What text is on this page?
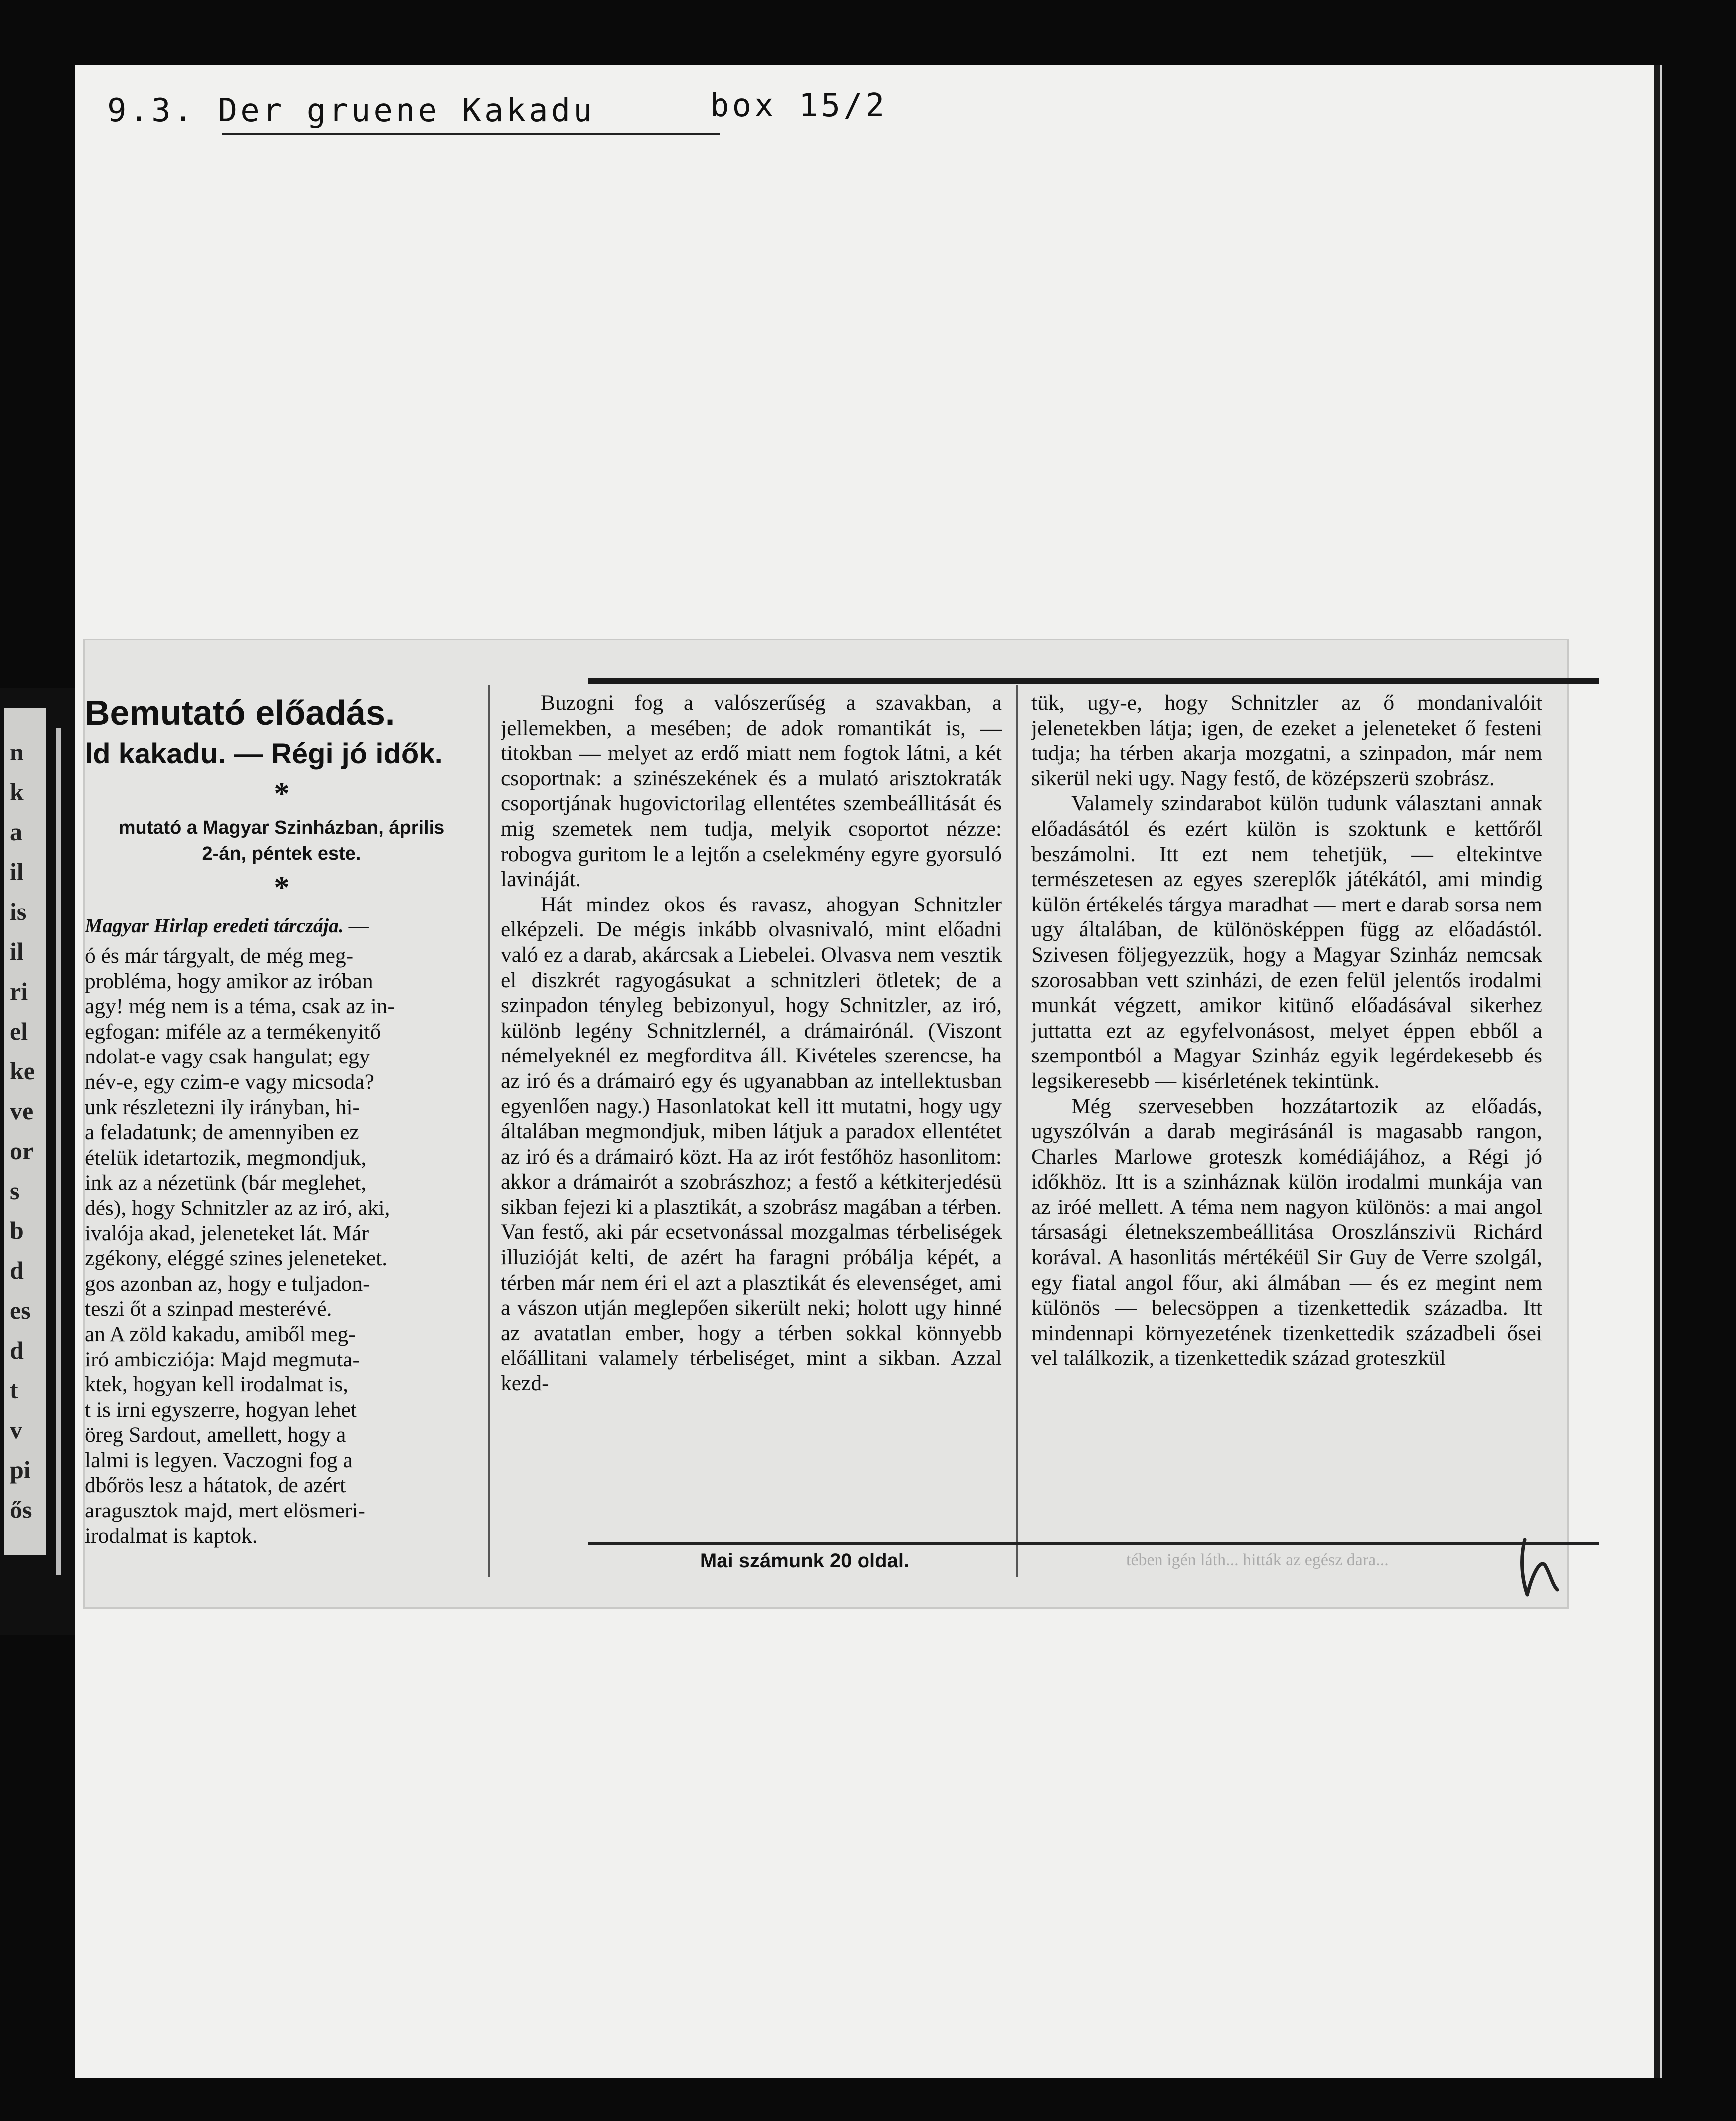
n
k
a
il
is
il
ri
el
ke
ve
or
s
b
d
es
d
t
v
pi
ős

9.3. Der gruene Kakadu

	box 15/2

Bemutató előadás.

ld kakadu. — Régi jó idők.

*

mutató a Magyar Szinházban, április

2-án, péntek este.

*

Magyar Hirlap eredeti tárczája. —

ó és már tárgyalt, de még meg-

probléma, hogy amikor az iróban

agy! még nem is a téma, csak az in-

egfogan: miféle az a termékenyitő

ndolat-e vagy csak hangulat; egy

név-e, egy czim-e vagy micsoda?

unk részletezni ily irányban, hi-

a feladatunk; de amennyiben ez

ételük idetartozik, megmondjuk,

ink az a nézetünk (bár meglehet,

dés), hogy Schnitzler az az iró, aki,

ivalója akad, jeleneteket lát. Már

zgékony, eléggé szines jeleneteket.

gos azonban az, hogy e tuljadon-

teszi őt a szinpad mesterévé.

an A zöld kakadu, amiből meg-

iró ambicziója: Majd megmuta-

ktek, hogyan kell irodalmat is,

t is irni egyszerre, hogyan lehet

öreg Sardout, amellett, hogy a

lalmi is legyen. Vaczogni fog a

dbőrös lesz a hátatok, de azért

aragusztok majd, mert elösmeri-

irodalmat is kaptok.

Buzogni fog a valószerűség a szavakban, a jellemekben, a mesében; de adok romantikát is, — titokban — melyet az erdő miatt nem fogtok látni, a két csoportnak: a szinészekének és a mulató arisztokraták csoportjának hugovictorilag ellentétes szembeállitását és mig szemetek nem tudja, melyik csoportot nézze: robogva guritom le a lejtőn a cselekmény egyre gyorsuló lavináját.

Hát mindez okos és ravasz, ahogyan Schnitzler elképzeli. De mégis inkább olvasnivaló, mint előadni való ez a darab, akárcsak a Liebelei. Olvasva nem vesztik el diszkrét ragyogásukat a schnitzleri ötletek; de a szinpadon tényleg bebizonyul, hogy Schnitzler, az iró, különb legény Schnitzlernél, a drámairónál. (Viszont némelyeknél ez megforditva áll. Kivételes szerencse, ha az iró és a drámairó egy és ugyanabban az intellektusban egyenlően nagy.) Hasonlatokat kell itt mutatni, hogy ugy általában megmondjuk, miben látjuk a paradox ellentétet az iró és a drámairó közt. Ha az irót festőhöz hasonlitom: akkor a drámairót a szobrászhoz; a festő a kétkiterjedésü sikban fejezi ki a plasztikát, a szobrász magában a térben. Van festő, aki pár ecsetvonással mozgalmas térbeliségek illuzióját kelti, de azért ha faragni próbálja képét, a térben már nem éri el azt a plasztikát és elevenséget, ami a vászon utján meglepően sikerült neki; holott ugy hinné az avatatlan ember, hogy a térben sokkal könnyebb előállitani valamely térbeliséget, mint a sikban. Azzal kezd-

tük, ugy-e, hogy Schnitzler az ő mondanivalóit jelenetekben látja; igen, de ezeket a jeleneteket ő festeni tudja; ha térben akarja mozgatni, a szinpadon, már nem sikerül neki ugy. Nagy festő, de középszerü szobrász.

Valamely szindarabot külön tudunk választani annak előadásától és ezért külön is szoktunk e kettőről beszámolni. Itt ezt nem tehetjük, — eltekintve természetesen az egyes szereplők játékától, ami mindig külön értékelés tárgya maradhat — mert e darab sorsa nem ugy általában, de különösképpen függ az előadástól. Szivesen följegyezzük, hogy a Magyar Szinház nemcsak szorosabban vett szinházi, de ezen felül jelentős irodalmi munkát végzett, amikor kitünő előadásával sikerhez juttatta ezt az egyfelvonásost, melyet éppen ebből a szempontból a Magyar Szinház egyik legérdekesebb és legsikeresebb — kisérletének tekintünk.

Még szervesebben hozzátartozik az előadás, ugyszólván a darab megirásánál is magasabb rangon, Charles Marlowe groteszk komédiájához, a Régi jó időkhöz. Itt is a szinháznak külön irodalmi munkája van az iróé mellett. A téma nem nagyon különös: a mai angol társasági életnekszembeállitása Oroszlánszivü Richárd korával. A hasonlitás mértékéül Sir Guy de Verre szolgál, egy fiatal angol főur, aki álmában — és ez megint nem különös — belecsöppen a tizenkettedik századba. Itt mindennapi környezetének tizenkettedik századbeli ősei vel találkozik, a tizenkettedik század groteszkül

Mai számunk 20 oldal.	tében igén láth... hitták az egész dara...
